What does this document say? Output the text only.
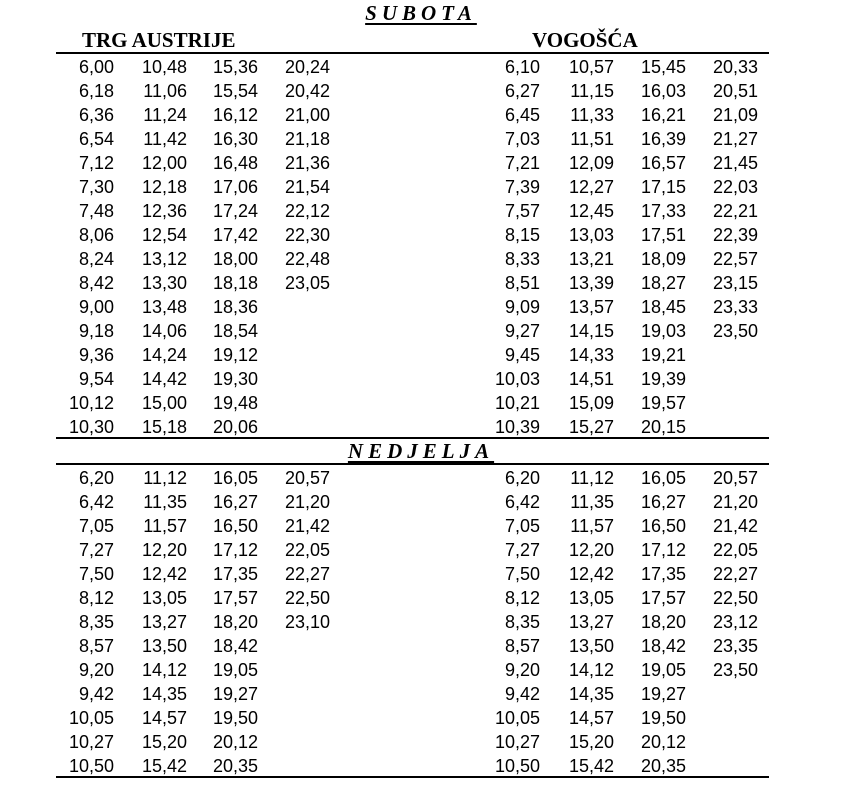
SUBOTA
TRG AUSTRIJE	VOGOŠĆA
6,00
6,18
6,36
6,54
7,12
7,30
7,48
8,06
8,24
8,42
9,00
9,18
9,36
9,54
10,12
10,30
10,48
11,06
11,24
11,42
12,00
12,18
12,36
12,54
13,12
13,30
13,48
14,06
14,24
14,42
15,00
15,18
15,36
15,54
16,12
16,30
16,48
17,06
17,24
17,42
18,00
18,18
18,36
18,54
19,12
19,30
19,48
20,06
20,24
20,42
21,00
21,18
21,36
21,54
22,12
22,30
22,48
23,05
6,10
6,27
6,45
7,03
7,21
7,39
7,57
8,15
8,33
8,51
9,09
9,27
9,45
10,03
10,21
10,39
10,57
11,15
11,33
11,51
12,09
12,27
12,45
13,03
13,21
13,39
13,57
14,15
14,33
14,51
15,09
15,27
15,45
16,03
16,21
16,39
16,57
17,15
17,33
17,51
18,09
18,27
18,45
19,03
19,21
19,39
19,57
20,15
20,33
20,51
21,09
21,27
21,45
22,03
22,21
22,39
22,57
23,15
23,33
23,50
NEDJELJA
6,20
6,42
7,05
7,27
7,50
8,12
8,35
8,57
9,20
9,42
10,05
10,27
10,50
11,12
11,35
11,57
12,20
12,42
13,05
13,27
13,50
14,12
14,35
14,57
15,20
15,42
16,05
16,27
16,50
17,12
17,35
17,57
18,20
18,42
19,05
19,27
19,50
20,12
20,35
20,57
21,20
21,42
22,05
22,27
22,50
23,10
6,20
6,42
7,05
7,27
7,50
8,12
8,35
8,57
9,20
9,42
10,05
10,27
10,50
11,12
11,35
11,57
12,20
12,42
13,05
13,27
13,50
14,12
14,35
14,57
15,20
15,42
16,05
16,27
16,50
17,12
17,35
17,57
18,20
18,42
19,05
19,27
19,50
20,12
20,35
20,57
21,20
21,42
22,05
22,27
22,50
23,12
23,35
23,50
